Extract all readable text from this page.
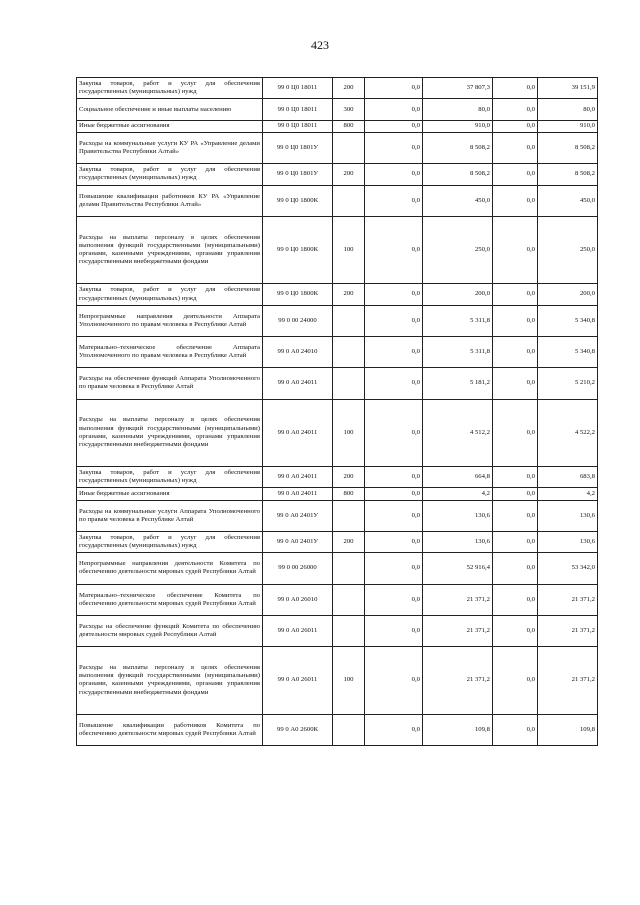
423
Закупка товаров, работ и услуг для обеспечения государственных (муниципальных) нужд	99 0 Ц0 18011	200	0,0	37 807,3	0,0	39 151,9
Социальное обеспечение и иные выплаты населению	99 0 Ц0 18011	300	0,0	80,0	0,0	80,0
Иные бюджетные ассигнования	99 0 Ц0 18011	800	0,0	910,0	0,0	910,0
Расходы на коммунальные услуги КУ РА «Управление делами Правительства Республики Алтай»	99 0 Ц0 1801У		0,0	8 508,2	0,0	8 508,2
Закупка товаров, работ и услуг для обеспечения государственных (муниципальных) нужд	99 0 Ц0 1801У	200	0,0	8 508,2	0,0	8 508,2
Повышение квалификации работников КУ РА «Управление делами Правительства Республики Алтай»	99 0 Ц0 1800К		0,0	450,0	0,0	450,0
Расходы на выплаты персоналу в целях обеспечения выполнения функций государственными (муниципальными) органами, казенными учреждениями, органами управления государственными внебюджетными фондами	99 0 Ц0 1800К	100	0,0	250,0	0,0	250,0
Закупка товаров, работ и услуг для обеспечения государственных (муниципальных) нужд	99 0 Ц0 1800К	200	0,0	200,0	0,0	200,0
Непрограммные направления деятельности Аппарата Уполномоченного по правам человека в Республике Алтай	99 0 00 24000		0,0	5 311,8	0,0	5 340,8
Материально–техническое обеспечение Аппарата Уполномоченного по правам человека в Республике Алтай	99 0 А0 24010		0,0	5 311,8	0,0	5 340,8
Расходы на обеспечение функций Аппарата Уполномоченного по правам человека в Республике Алтай	99 0 А0 24011		0,0	5 181,2	0,0	5 210,2
Расходы на выплаты персоналу в целях обеспечения выполнения функций государственными (муниципальными) органами, казенными учреждениями, органами управления государственными внебюджетными фондами	99 0 А0 24011	100	0,0	4 512,2	0,0	4 522,2
Закупка товаров, работ и услуг для обеспечения государственных (муниципальных) нужд	99 0 А0 24011	200	0,0	664,8	0,0	683,8
Иные бюджетные ассигнования	99 0 А0 24011	800	0,0	4,2	0,0	4,2
Расходы на коммунальные услуги Аппарата Уполномоченного по правам человека в Республике Алтай	99 0 А0 2401У		0,0	130,6	0,0	130,6
Закупка товаров, работ и услуг для обеспечения государственных (муниципальных) нужд	99 0 А0 2401У	200	0,0	130,6	0,0	130,6
Непрограммные направления деятельности Комитета по обеспечению деятельности мировых судей Республики Алтай	99 0 00 26000		0,0	52 916,4	0,0	53 342,0
Материально–техническое обеспечение Комитета по обеспечению деятельности мировых судей Республики Алтай	99 0 А0 26010		0,0	21 371,2	0,0	21 371,2
Расходы на обеспечение функций Комитета по обеспечению деятельности мировых судей Республики Алтай	99 0 А0 26011		0,0	21 371,2	0,0	21 371,2
Расходы на выплаты персоналу в целях обеспечения выполнения функций государственными (муниципальными) органами, казенными учреждениями, органами управления государственными внебюджетными фондами	99 0 А0 26011	100	0,0	21 371,2	0,0	21 371,2
Повышение квалификации работников Комитета по обеспечению деятельности мировых судей Республики Алтай	99 0 А0 2600К		0,0	109,8	0,0	109,8
